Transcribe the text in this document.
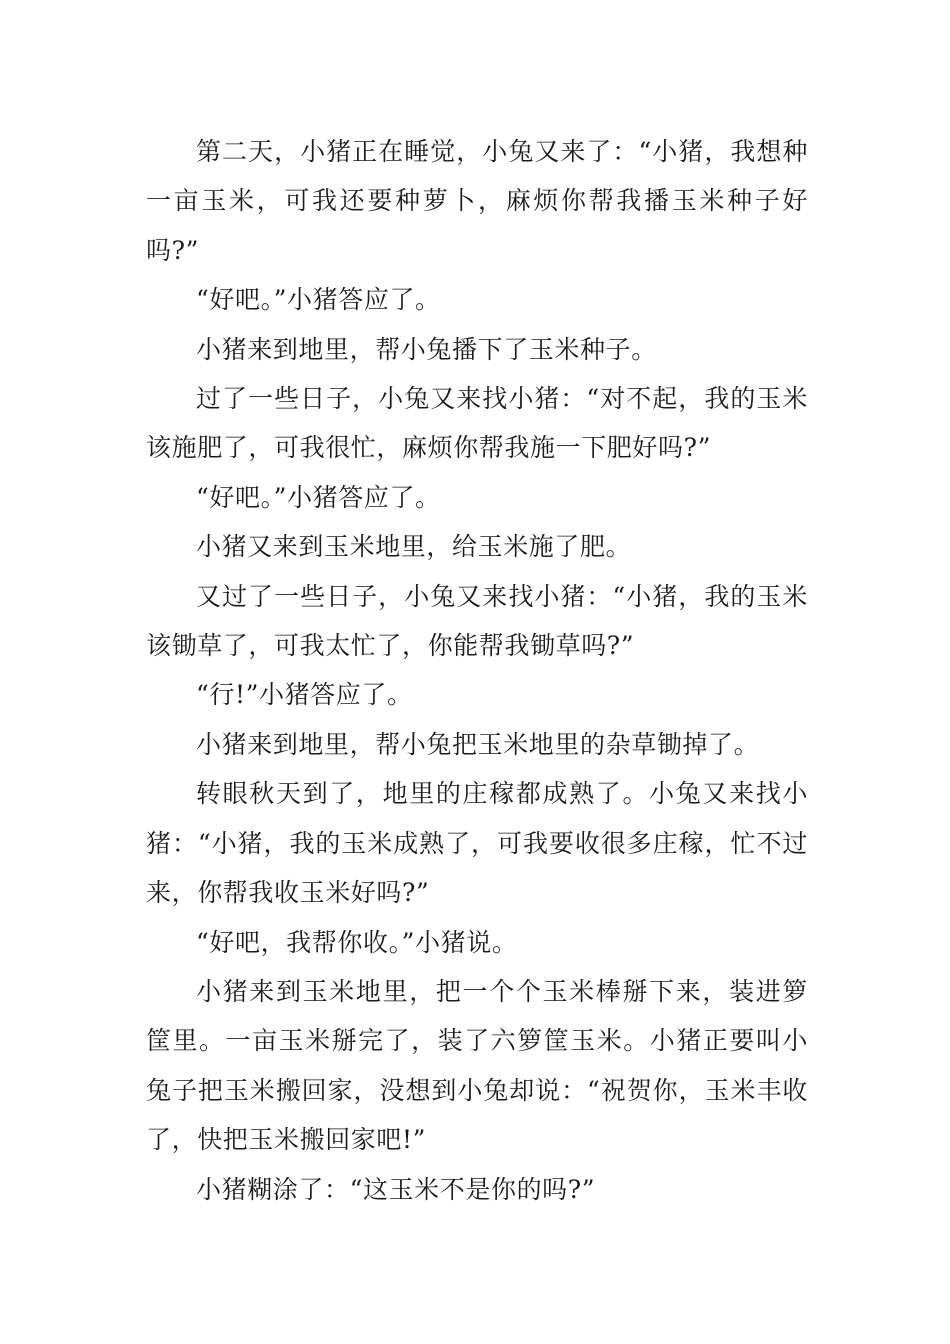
第二天，小猪正在睡觉，小兔又来了：“小猪，我想种一亩玉米，可我还要种萝卜，麻烦你帮我播玉米种子好吗?”

“好吧。”小猪答应了。

小猪来到地里，帮小兔播下了玉米种子。

过了一些日子，小兔又来找小猪：“对不起，我的玉米该施肥了，可我很忙，麻烦你帮我施一下肥好吗?”

“好吧。”小猪答应了。

小猪又来到玉米地里，给玉米施了肥。

又过了一些日子，小兔又来找小猪：“小猪，我的玉米该锄草了，可我太忙了，你能帮我锄草吗?”

“行!”小猪答应了。

小猪来到地里，帮小兔把玉米地里的杂草锄掉了。

转眼秋天到了，地里的庄稼都成熟了。小兔又来找小猪：“小猪，我的玉米成熟了，可我要收很多庄稼，忙不过来，你帮我收玉米好吗?”

“好吧，我帮你收。”小猪说。

小猪来到玉米地里，把一个个玉米棒掰下来，装进箩筐里。一亩玉米掰完了，装了六箩筐玉米。小猪正要叫小兔子把玉米搬回家，没想到小兔却说：“祝贺你，玉米丰收了，快把玉米搬回家吧!”

小猪糊涂了：“这玉米不是你的吗?”
